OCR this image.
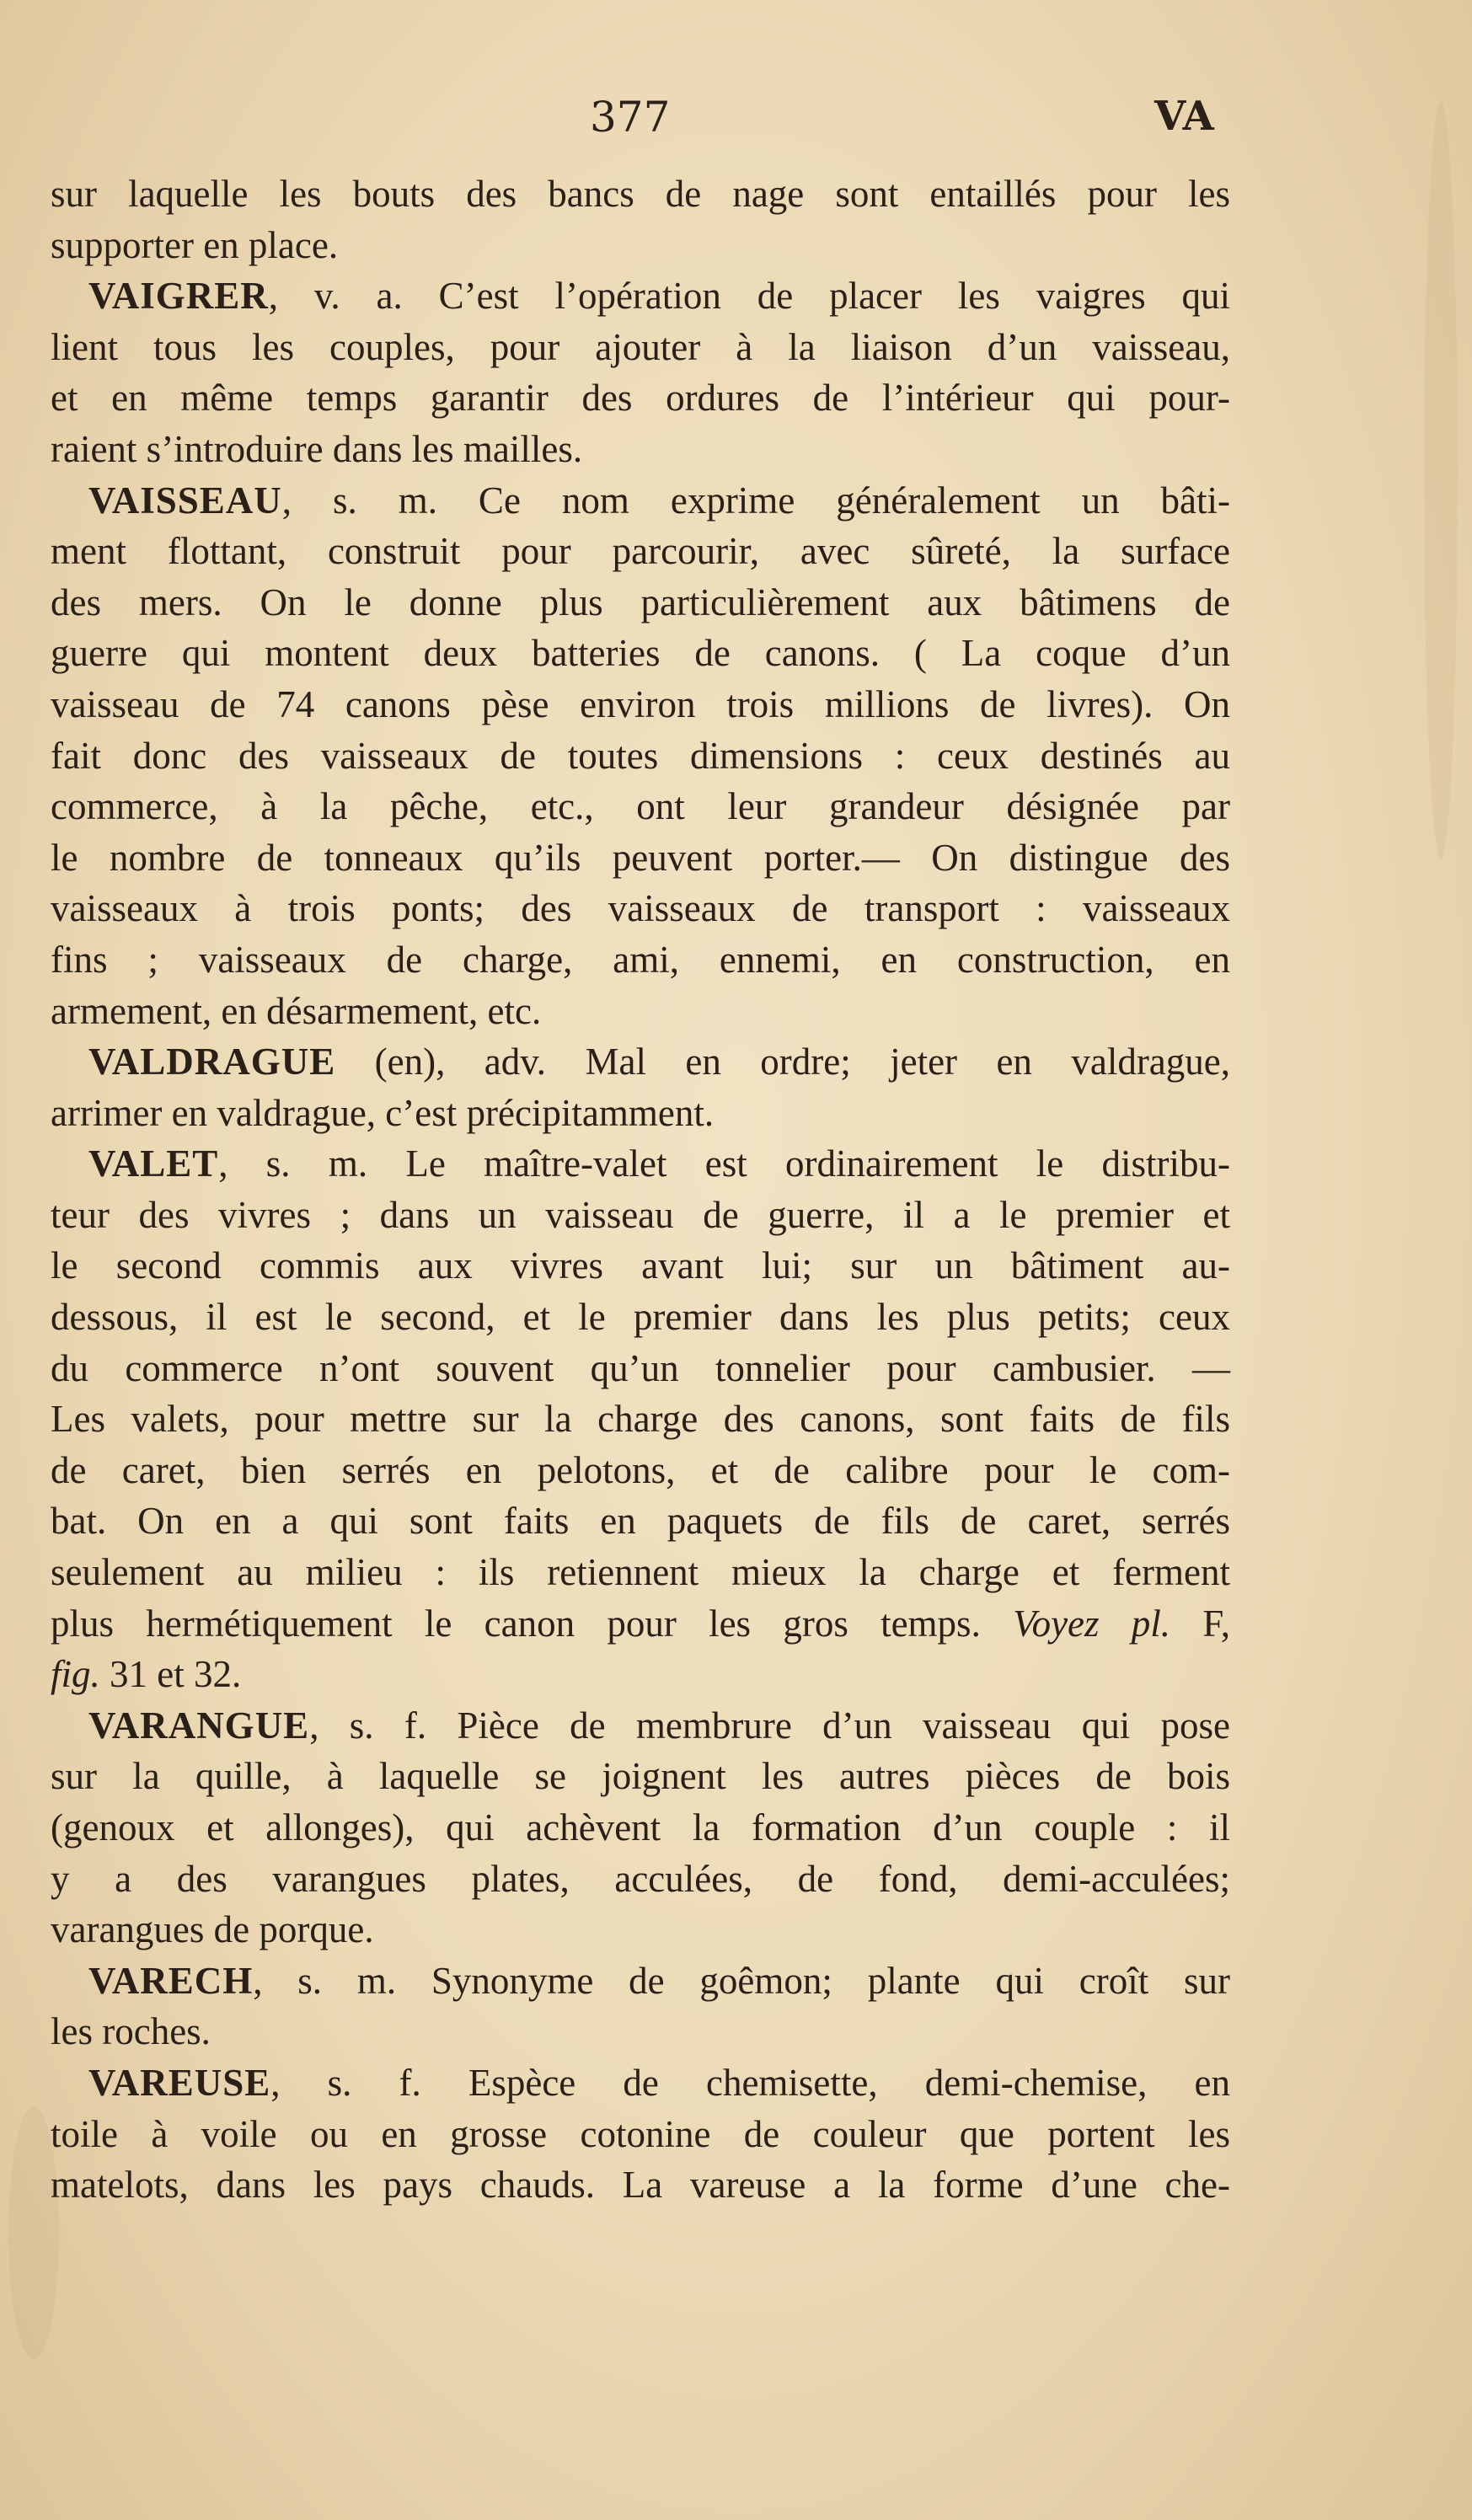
377	VA
sur laquelle les bouts des bancs de nage sont entaillés pour les
supporter en place.
VAIGRER, v. a. C’est l’opération de placer les vaigres qui
lient tous les couples, pour ajouter à la liaison d’un vaisseau,
et en même temps garantir des ordures de l’intérieur qui pour-
raient s’introduire dans les mailles.
VAISSEAU, s. m. Ce nom exprime généralement un bâti-
ment flottant, construit pour parcourir, avec sûreté, la surface
des mers. On le donne plus particulièrement aux bâtimens de
guerre qui montent deux batteries de canons. ( La coque d’un
vaisseau de 74 canons pèse environ trois millions de livres). On
fait donc des vaisseaux de toutes dimensions : ceux destinés au
commerce, à la pêche, etc., ont leur grandeur désignée par
le nombre de tonneaux qu’ils peuvent porter.— On distingue des
vaisseaux à trois ponts; des vaisseaux de transport : vaisseaux
fins ; vaisseaux de charge, ami, ennemi, en construction, en
armement, en désarmement, etc.
VALDRAGUE (en), adv. Mal en ordre; jeter en valdrague,
arrimer en valdrague, c’est précipitamment.
VALET, s. m. Le maître-valet est ordinairement le distribu-
teur des vivres ; dans un vaisseau de guerre, il a le premier et
le second commis aux vivres avant lui; sur un bâtiment au-
dessous, il est le second, et le premier dans les plus petits; ceux
du commerce n’ont souvent qu’un tonnelier pour cambusier. —
Les valets, pour mettre sur la charge des canons, sont faits de fils
de caret, bien serrés en pelotons, et de calibre pour le com-
bat. On en a qui sont faits en paquets de fils de caret, serrés
seulement au milieu : ils retiennent mieux la charge et ferment
plus hermétiquement le canon pour les gros temps. Voyez pl. F,
fig. 31 et 32.
VARANGUE, s. f. Pièce de membrure d’un vaisseau qui pose
sur la quille, à laquelle se joignent les autres pièces de bois
(genoux et allonges), qui achèvent la formation d’un couple : il
y a des varangues plates, acculées, de fond, demi-acculées;
varangues de porque.
VARECH, s. m. Synonyme de goêmon; plante qui croît sur
les roches.
VAREUSE, s. f. Espèce de chemisette, demi-chemise, en
toile à voile ou en grosse cotonine de couleur que portent les
matelots, dans les pays chauds. La vareuse a la forme d’une che-
